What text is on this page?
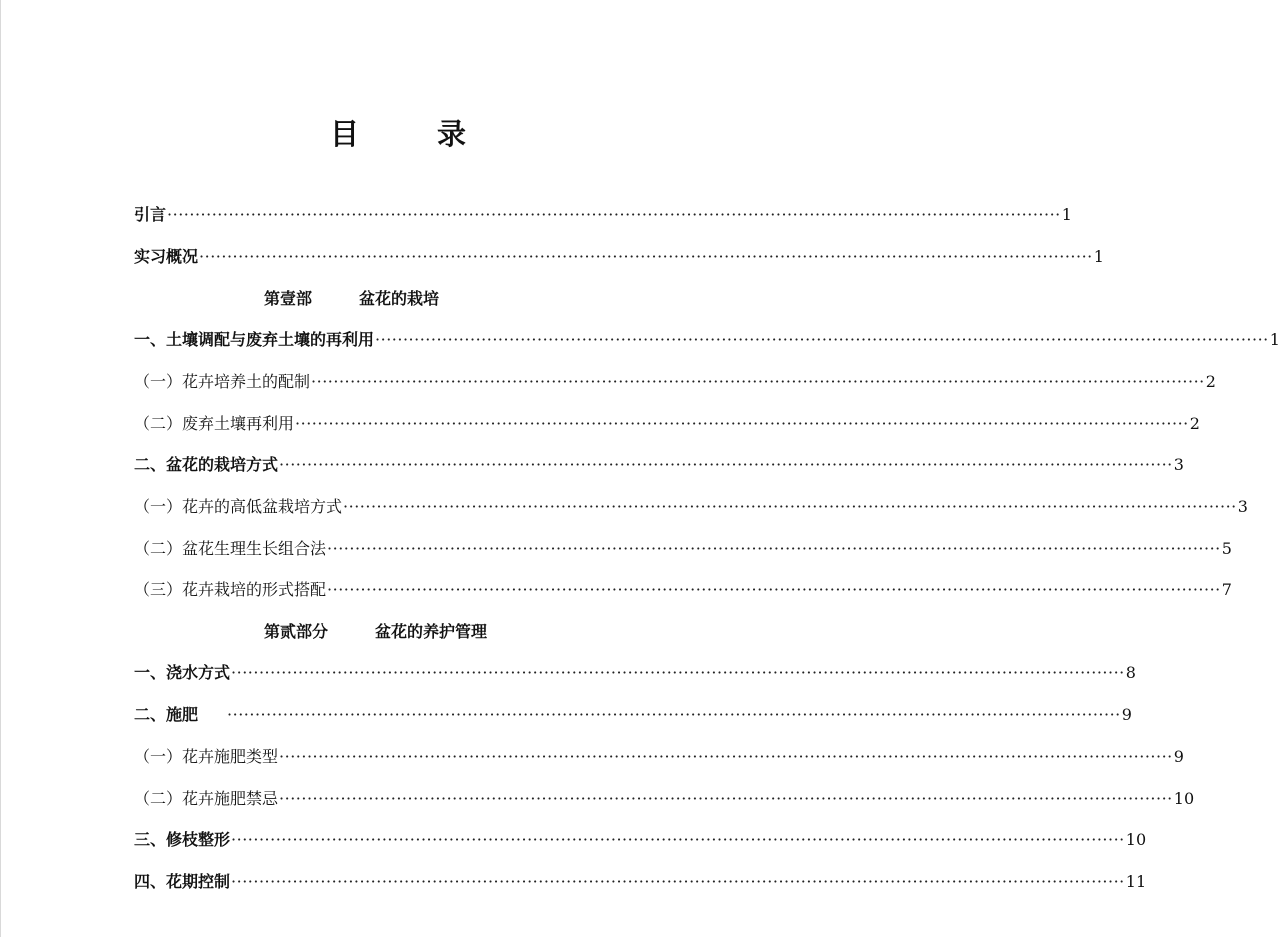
目	录
引言 ································································································································································ 1
实习概况 ································································································································································ 1
第壹部	盆花的栽培
一、土壤调配与废弃土壤的再利用 ································································································································································ 1
（一）花卉培养土的配制 ································································································································································ 2
（二）废弃土壤再利用 ································································································································································ 2
二、盆花的栽培方式 ································································································································································ 3
（一）花卉的高低盆栽培方式 ································································································································································ 3
（二）盆花生理生长组合法 ································································································································································ 5
（三）花卉栽培的形式搭配 ································································································································································ 7
第贰部分	盆花的养护管理
一、浇水方式 ································································································································································ 8
二、施肥 ································································································································································ 9
（一）花卉施肥类型 ································································································································································ 9
（二）花卉施肥禁忌 ································································································································································ 10
三、修枝整形 ································································································································································ 10
四、花期控制 ································································································································································ 11
